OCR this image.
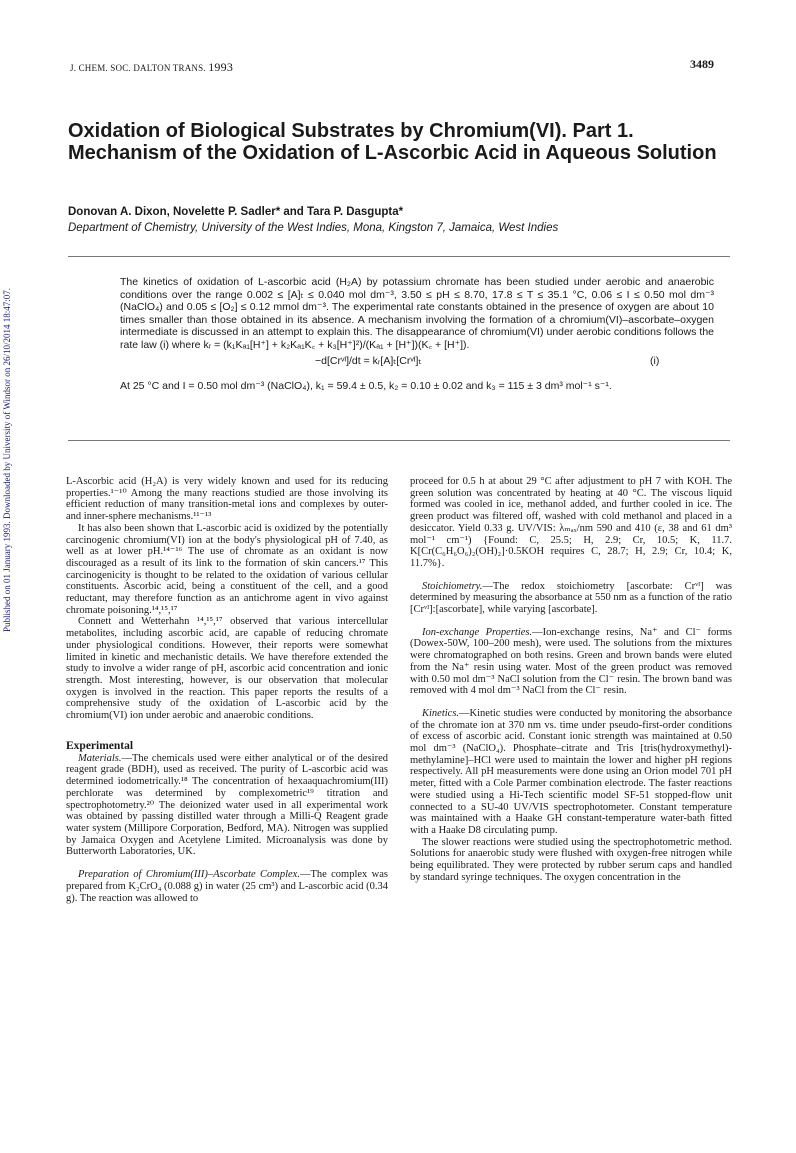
Published on 01 January 1993. Downloaded by University of Windsor on 26/10/2014 18:47:07.
J. CHEM. SOC. DALTON TRANS. 1993	3489
Oxidation of Biological Substrates by Chromium(VI). Part 1. Mechanism of the Oxidation of L-Ascorbic Acid in Aqueous Solution
Donovan A. Dixon, Novelette P. Sadler* and Tara P. Dasgupta*
Department of Chemistry, University of the West Indies, Mona, Kingston 7, Jamaica, West Indies

The kinetics of oxidation of L-ascorbic acid (H₂A) by potassium chromate has been studied under aerobic and anaerobic conditions over the range 0.002 ≤ [A]ₜ ≤ 0.040 mol dm⁻³, 3.50 ≤ pH ≤ 8.70, 17.8 ≤ T ≤ 35.1 °C, 0.06 ≤ I ≤ 0.50 mol dm⁻³ (NaClO₄) and 0.05 ≤ [O₂] ≤ 0.12 mmol dm⁻³. The experimental rate constants obtained in the presence of oxygen are about 10 times smaller than those obtained in its absence. A mechanism involving the formation of a chromium(VI)–ascorbate–oxygen intermediate is discussed in an attempt to explain this. The disappearance of chromium(VI) under aerobic conditions follows the rate law (i) where kᵣ = (k₁Kₐ₁[H⁺] + k₂Kₐ₁K꜀ + k₃[H⁺]²)/(Kₐ₁ + [H⁺])(K꜀ + [H⁺]).

−d[Crᵛᴵ]/dt = kᵣ[A]ₜ[Crᵛᴵ]ₜ	(i)
At 25 °C and I = 0.50 mol dm⁻³ (NaClO₄), k₁ = 59.4 ± 0.5, k₂ = 0.10 ± 0.02 and k₃ = 115 ± 3 dm³ mol⁻¹ s⁻¹.

L-Ascorbic acid (H₂A) is very widely known and used for its reducing properties.¹⁻¹⁰ Among the many reactions studied are those involving its efficient reduction of many transition-metal ions and complexes by outer- and inner-sphere mechanisms.¹¹⁻¹³

It has also been shown that L-ascorbic acid is oxidized by the potentially carcinogenic chromium(VI) ion at the body's physiological pH of 7.40, as well as at lower pH.¹⁴⁻¹⁶ The use of chromate as an oxidant is now discouraged as a result of its link to the formation of skin cancers.¹⁷ This carcinogenicity is thought to be related to the oxidation of various cellular constituents. Ascorbic acid, being a constituent of the cell, and a good reductant, may therefore function as an antichrome agent in vivo against chromate poisoning.¹⁴,¹⁵,¹⁷

Connett and Wetterhahn ¹⁴,¹⁵,¹⁷ observed that various intercellular metabolites, including ascorbic acid, are capable of reducing chromate under physiological conditions. However, their reports were somewhat limited in kinetic and mechanistic details. We have therefore extended the study to involve a wider range of pH, ascorbic acid concentration and ionic strength. Most interesting, however, is our observation that molecular oxygen is involved in the reaction. This paper reports the results of a comprehensive study of the oxidation of L-ascorbic acid by the chromium(VI) ion under aerobic and anaerobic conditions.

Experimental

Materials.—The chemicals used were either analytical or of the desired reagent grade (BDH), used as received. The purity of L-ascorbic acid was determined iodometrically.¹⁸ The concentration of hexaaquachromium(III) perchlorate was determined by complexometric¹⁹ titration and spectrophotometry.²⁰ The deionized water used in all experimental work was obtained by passing distilled water through a Milli-Q Reagent grade water system (Millipore Corporation, Bedford, MA). Nitrogen was supplied by Jamaica Oxygen and Acetylene Limited. Microanalysis was done by Butterworth Laboratories, UK.

Preparation of Chromium(III)–Ascorbate Complex.—The complex was prepared from K₂CrO₄ (0.088 g) in water (25 cm³) and L-ascorbic acid (0.34 g). The reaction was allowed to

proceed for 0.5 h at about 29 °C after adjustment to pH 7 with KOH. The green solution was concentrated by heating at 40 °C. The viscous liquid formed was cooled in ice, methanol added, and further cooled in ice. The green product was filtered off, washed with cold methanol and placed in a desiccator. Yield 0.33 g. UV/VIS: λₘₐₓ/nm 590 and 410 (ε, 38 and 61 dm³ mol⁻¹ cm⁻¹) {Found: C, 25.5; H, 2.9; Cr, 10.5; K, 11.7. K[Cr(C₆H₆O₆)₂(OH)₂]·0.5KOH requires C, 28.7; H, 2.9; Cr, 10.4; K, 11.7%}.

Stoichiometry.—The redox stoichiometry [ascorbate: Crᵛᴵ] was determined by measuring the absorbance at 550 nm as a function of the ratio [Crᵛᴵ]:[ascorbate], while varying [ascorbate].

Ion-exchange Properties.—Ion-exchange resins, Na⁺ and Cl⁻ forms (Dowex-50W, 100–200 mesh), were used. The solutions from the mixtures were chromatographed on both resins. Green and brown bands were eluted from the Na⁺ resin using water. Most of the green product was removed with 0.50 mol dm⁻³ NaCl solution from the Cl⁻ resin. The brown band was removed with 4 mol dm⁻³ NaCl from the Cl⁻ resin.

Kinetics.—Kinetic studies were conducted by monitoring the absorbance of the chromate ion at 370 nm vs. time under pseudo-first-order conditions of excess of ascorbic acid. Constant ionic strength was maintained at 0.50 mol dm⁻³ (NaClO₄). Phosphate–citrate and Tris [tris(hydroxymethyl)-methylamine]–HCl were used to maintain the lower and higher pH regions respectively. All pH measurements were done using an Orion model 701 pH meter, fitted with a Cole Parmer combination electrode. The faster reactions were studied using a Hi-Tech scientific model SF-51 stopped-flow unit connected to a SU-40 UV/VIS spectrophotometer. Constant temperature was maintained with a Haake GH constant-temperature water-bath fitted with a Haake D8 circulating pump.

The slower reactions were studied using the spectrophotometric method. Solutions for anaerobic study were flushed with oxygen-free nitrogen while being equilibrated. They were protected by rubber serum caps and handled by standard syringe techniques. The oxygen concentration in the
